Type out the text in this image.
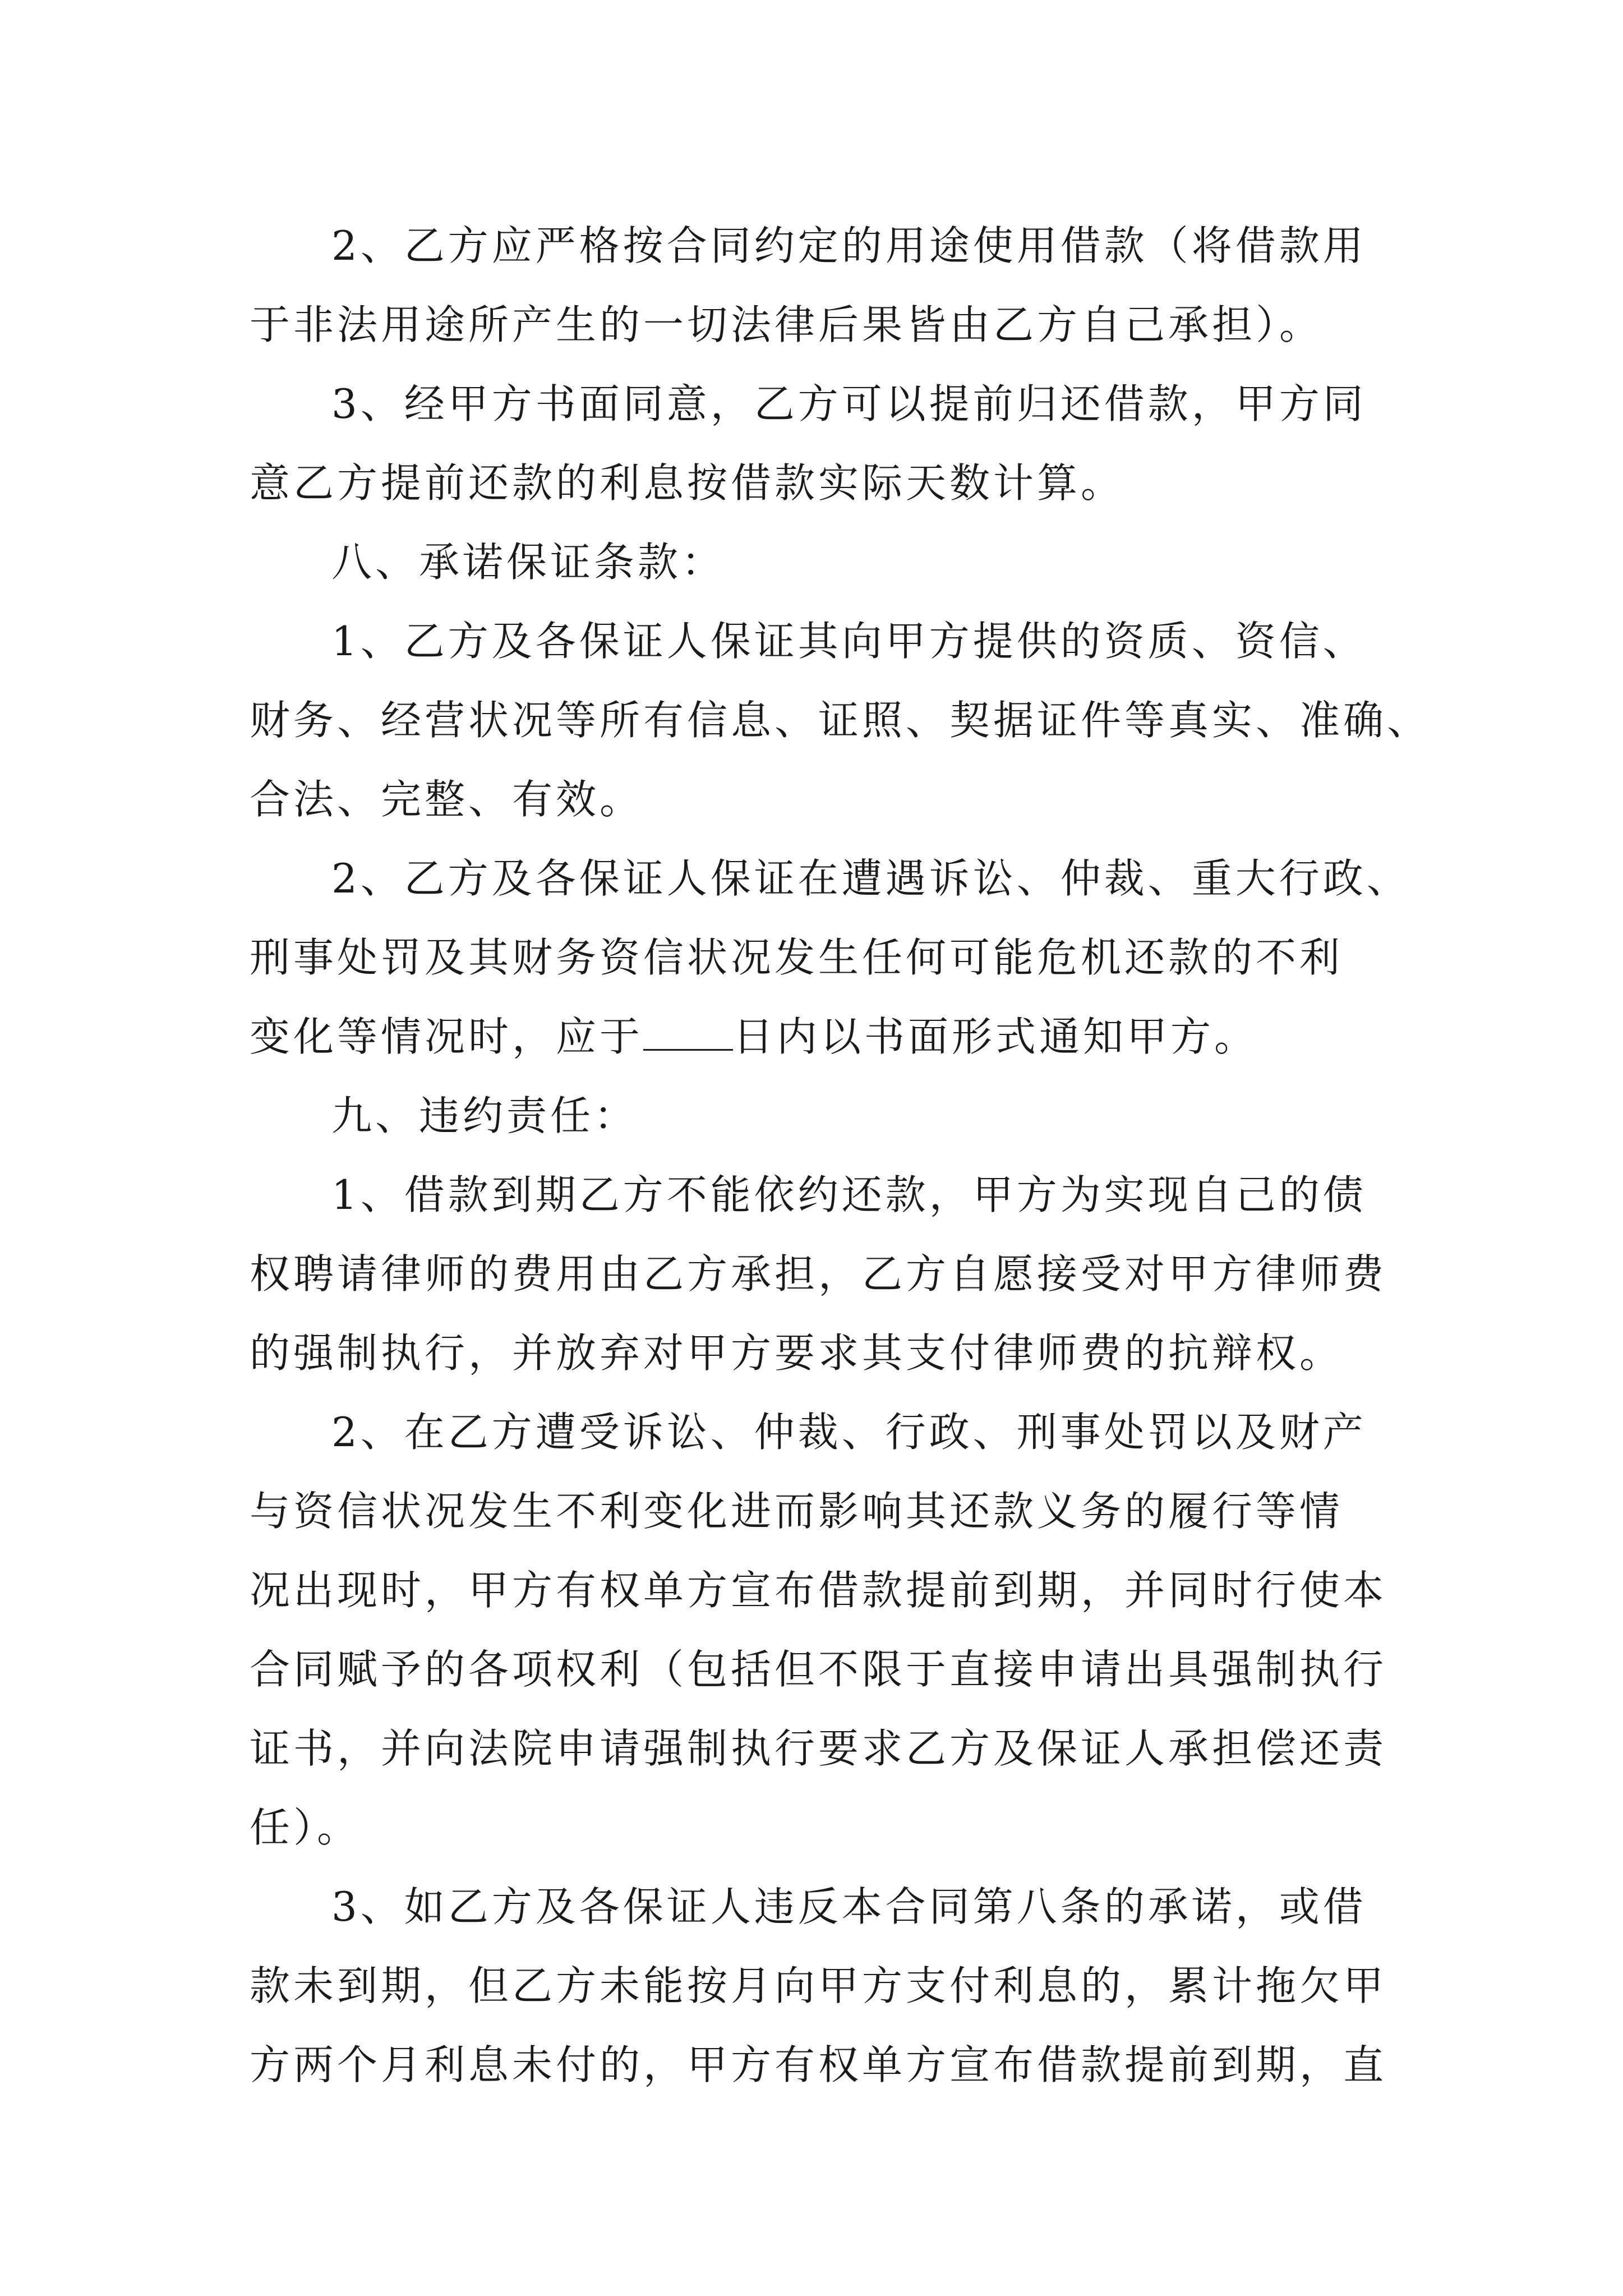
2、乙方应严格按合同约定的用途使用借款（将借款用
于非法用途所产生的一切法律后果皆由乙方自己承担）。
3、经甲方书面同意，乙方可以提前归还借款，甲方同
意乙方提前还款的利息按借款实际天数计算。
八、承诺保证条款：
1、乙方及各保证人保证其向甲方提供的资质、资信、
财务、经营状况等所有信息、证照、契据证件等真实、准确、
合法、完整、有效。
2、乙方及各保证人保证在遭遇诉讼、仲裁、重大行政、
刑事处罚及其财务资信状况发生任何可能危机还款的不利
变化等情况时，应于 日内以书面形式通知甲方。
九、违约责任：
1、借款到期乙方不能依约还款，甲方为实现自己的债
权聘请律师的费用由乙方承担，乙方自愿接受对甲方律师费
的强制执行，并放弃对甲方要求其支付律师费的抗辩权。
2、在乙方遭受诉讼、仲裁、行政、刑事处罚以及财产
与资信状况发生不利变化进而影响其还款义务的履行等情
况出现时，甲方有权单方宣布借款提前到期，并同时行使本
合同赋予的各项权利（包括但不限于直接申请出具强制执行
证书，并向法院申请强制执行要求乙方及保证人承担偿还责
任）。
3、如乙方及各保证人违反本合同第八条的承诺，或借
款未到期，但乙方未能按月向甲方支付利息的，累计拖欠甲
方两个月利息未付的，甲方有权单方宣布借款提前到期，直
